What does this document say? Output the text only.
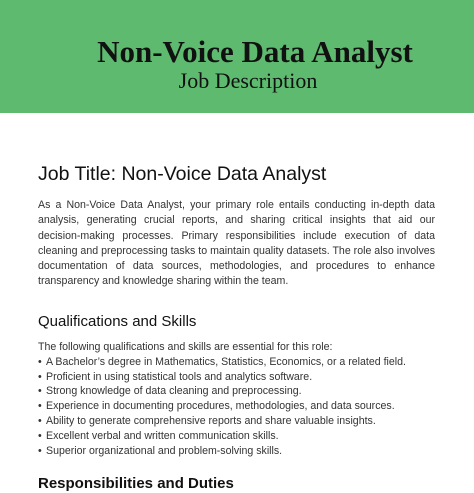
Non-Voice Data Analyst
Job Description
Job Title: Non-Voice Data Analyst

As a Non-Voice Data Analyst, your primary role entails conducting in-depth data analysis, generating crucial reports, and sharing critical insights that aid our decision-making processes. Primary responsibilities include execution of data cleaning and preprocessing tasks to maintain quality datasets. The role also involves documentation of data sources, methodologies, and procedures to enhance transparency and knowledge sharing within the team.

Qualifications and Skills

The following qualifications and skills are essential for this role:

• A Bachelor’s degree in Mathematics, Statistics, Economics, or a related field.
• Proficient in using statistical tools and analytics software.
• Strong knowledge of data cleaning and preprocessing.
• Experience in documenting procedures, methodologies, and data sources.
• Ability to generate comprehensive reports and share valuable insights.
• Excellent verbal and written communication skills.
• Superior organizational and problem-solving skills.
Responsibilities and Duties
